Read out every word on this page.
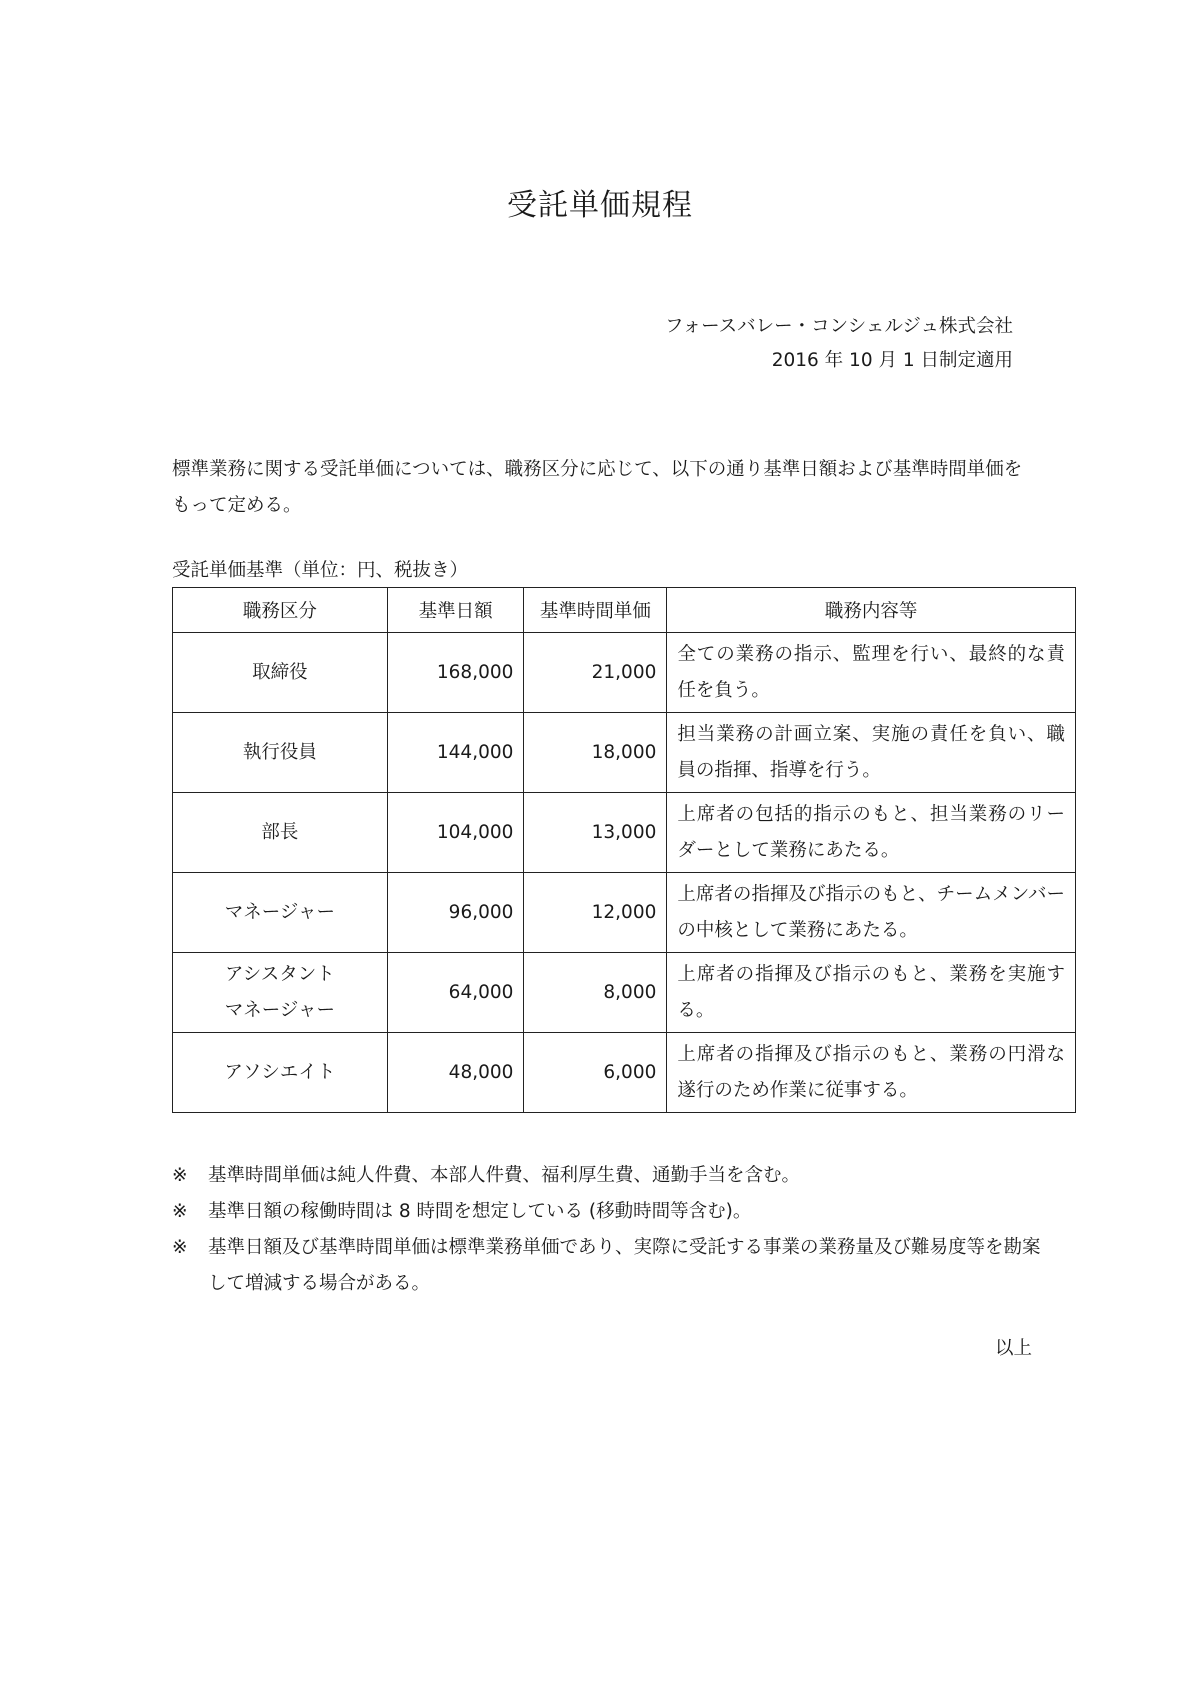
受託単価規程
フォースバレー・コンシェルジュ株式会社
2016 年 10 月 1 日制定適用
標準業務に関する受託単価については、職務区分に応じて、以下の通り基準日額および基準時間単価をもって定める。
受託単価基準（単位：円、税抜き）
職務区分	基準日額	基準時間単価	職務内容等
取締役	168,000	21,000	全ての業務の指示、監理を行い、最終的な責任を負う。
執行役員	144,000	18,000	担当業務の計画立案、実施の責任を負い、職員の指揮、指導を行う。
部長	104,000	13,000	上席者の包括的指示のもと、担当業務のリーダーとして業務にあたる。
マネージャー	96,000	12,000	上席者の指揮及び指示のもと、チームメンバーの中核として業務にあたる。

アシスタント
マネージャー	64,000	8,000	上席者の指揮及び指示のもと、業務を実施する。
アソシエイト	48,000	6,000	上席者の指揮及び指示のもと、業務の円滑な遂行のため作業に従事する。
※	基準時間単価は純人件費、本部人件費、福利厚生費、通勤手当を含む。
※	基準日額の稼働時間は 8 時間を想定している (移動時間等含む)。
※	基準日額及び基準時間単価は標準業務単価であり、実際に受託する事業の業務量及び難易度等を勘案して増減する場合がある。
以上
